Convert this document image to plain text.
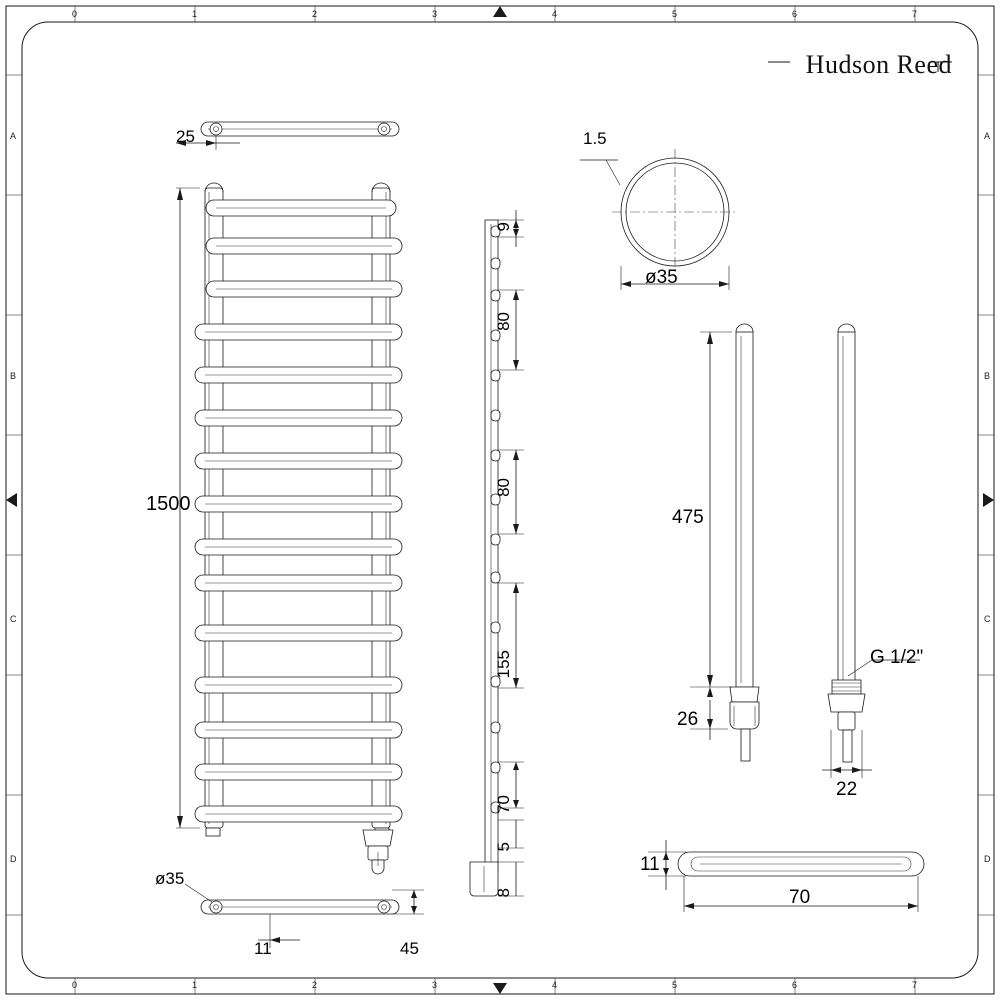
Hudson Reed
0	1	2	3	4	5	6	7
0	1	2	3	4	5	6	7
A
B
C
D
A
B
C
D
25
1500
ø35
11	45
9
80
80
155
70
5
8
1.5
ø35
475
26
G 1/2"
22
11
70
